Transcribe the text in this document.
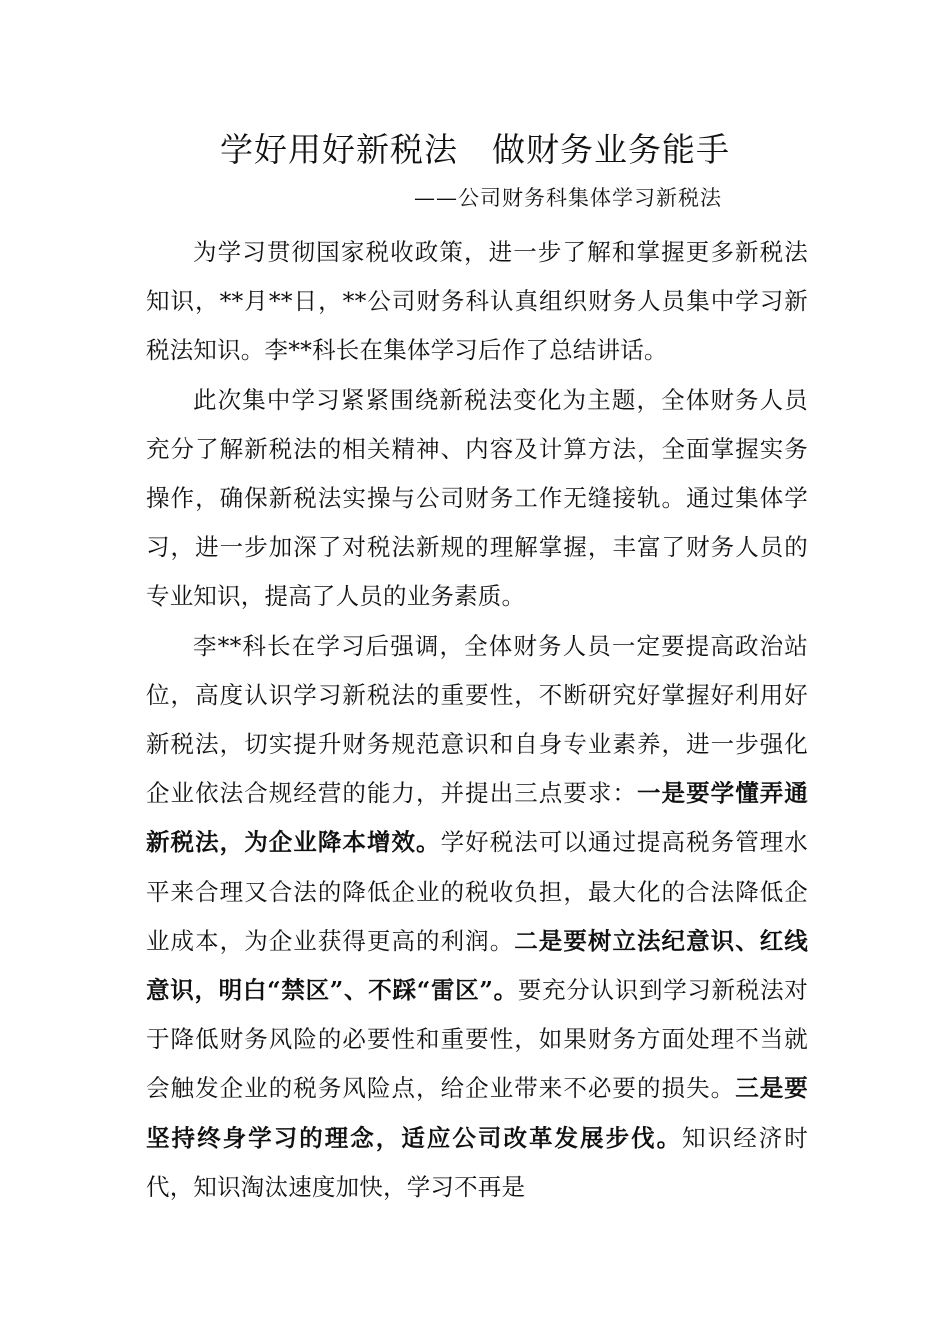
学好用好新税法　做财务业务能手
——公司财务科集体学习新税法

为学习贯彻国家税收政策，进一步了解和掌握更多新税法知识，**月**日，**公司财务科认真组织财务人员集中学习新税法知识。李**科长在集体学习后作了总结讲话。

此次集中学习紧紧围绕新税法变化为主题，全体财务人员充分了解新税法的相关精神、内容及计算方法，全面掌握实务操作，确保新税法实操与公司财务工作无缝接轨。通过集体学习，进一步加深了对税法新规的理解掌握，丰富了财务人员的专业知识，提高了人员的业务素质。

李**科长在学习后强调，全体财务人员一定要提高政治站位，高度认识学习新税法的重要性，不断研究好掌握好利用好新税法，切实提升财务规范意识和自身专业素养，进一步强化企业依法合规经营的能力，并提出三点要求：一是要学懂弄通新税法，为企业降本增效。学好税法可以通过提高税务管理水平来合理又合法的降低企业的税收负担，最大化的合法降低企业成本，为企业获得更高的利润。二是要树立法纪意识、红线意识，明白“禁区”、不踩“雷区”。要充分认识到学习新税法对于降低财务风险的必要性和重要性，如果财务方面处理不当就会触发企业的税务风险点，给企业带来不必要的损失。三是要坚持终身学习的理念，适应公司改革发展步伐。知识经济时代，知识淘汰速度加快，学习不再是
